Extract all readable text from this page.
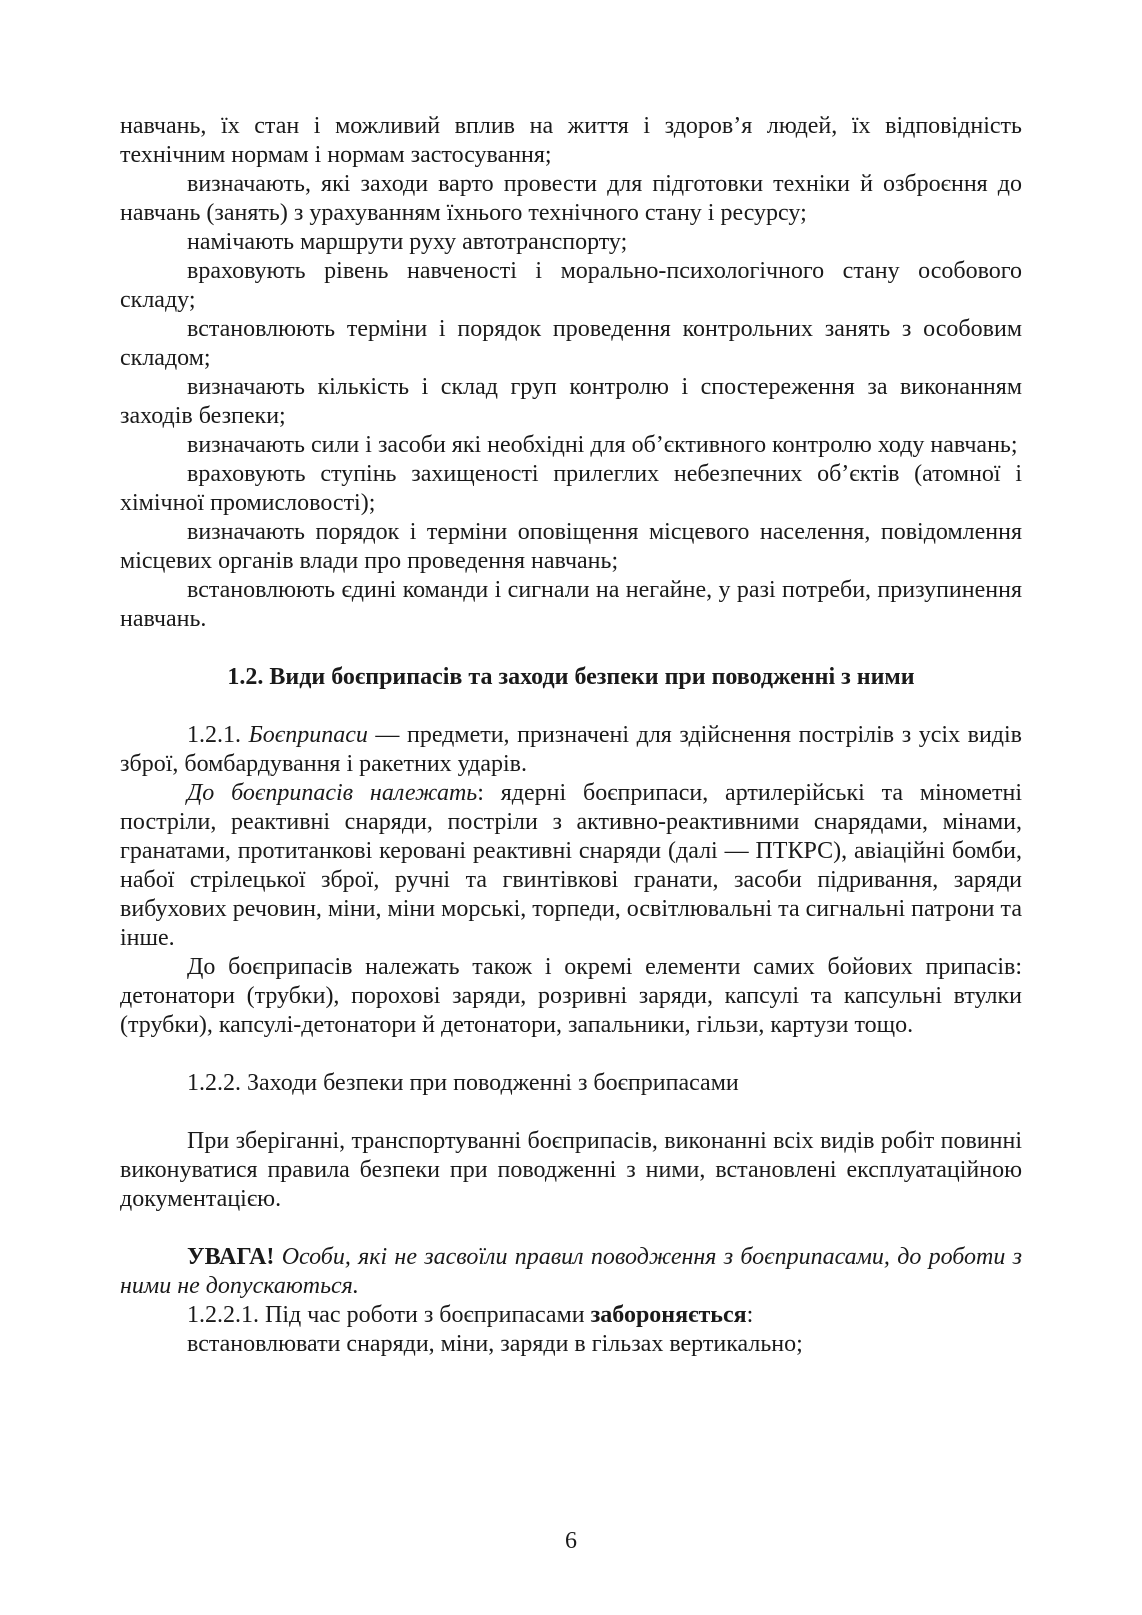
навчань, їх стан і можливий вплив на життя і здоров’я людей, їх відповідність технічним нормам і нормам застосування;

визначають, які заходи варто провести для підготовки техніки й озброєння до навчань (занять) з урахуванням їхнього технічного стану і ресурсу;

намічають маршрути руху автотранспорту;

враховують рівень навченості і морально-психологічного стану особового складу;

встановлюють терміни і порядок проведення контрольних занять з особовим складом;

визначають кількість і склад груп контролю і спостереження за виконанням заходів безпеки;

визначають сили і засоби які необхідні для об’єктивного контролю ходу навчань;

враховують ступінь захищеності прилеглих небезпечних об’єктів (атомної і хімічної промисловості);

визначають порядок і терміни оповіщення місцевого населення, повідомлення місцевих органів влади про проведення навчань;

встановлюють єдині команди і сигнали на негайне, у разі потреби, призупинення навчань.

1.2. Види боєприпасів та заходи безпеки при поводженні з ними

1.2.1. Боєприпаси — предмети, призначені для здійснення пострілів з усіх видів зброї, бомбардування і ракетних ударів.

До боєприпасів належать: ядерні боєприпаси, артилерійські та мінометні постріли, реактивні снаряди, постріли з активно-реактивними снарядами, мінами, гранатами, протитанкові керовані реактивні снаряди (далі — ПТКРС), авіаційні бомби, набої стрілецької зброї, ручні та гвинтівкові гранати, засоби підривання, заряди вибухових речовин, міни, міни морські, торпеди, освітлювальні та сигнальні патрони та інше.

До боєприпасів належать також і окремі елементи самих бойових припасів: детонатори (трубки), порохові заряди, розривні заряди, капсулі та капсульні втулки (трубки), капсулі-детонатори й детонатори, запальники, гільзи, картузи тощо.

1.2.2. Заходи безпеки при поводженні з боєприпасами

При зберіганні, транспортуванні боєприпасів, виконанні всіх видів робіт повинні виконуватися правила безпеки при поводженні з ними, встановлені експлуатаційною документацією.

УВАГА! Особи, які не засвоїли правил поводження з боєприпасами, до роботи з ними не допускаються.

1.2.2.1. Під час роботи з боєприпасами забороняється:

встановлювати снаряди, міни, заряди в гільзах вертикально;

6
